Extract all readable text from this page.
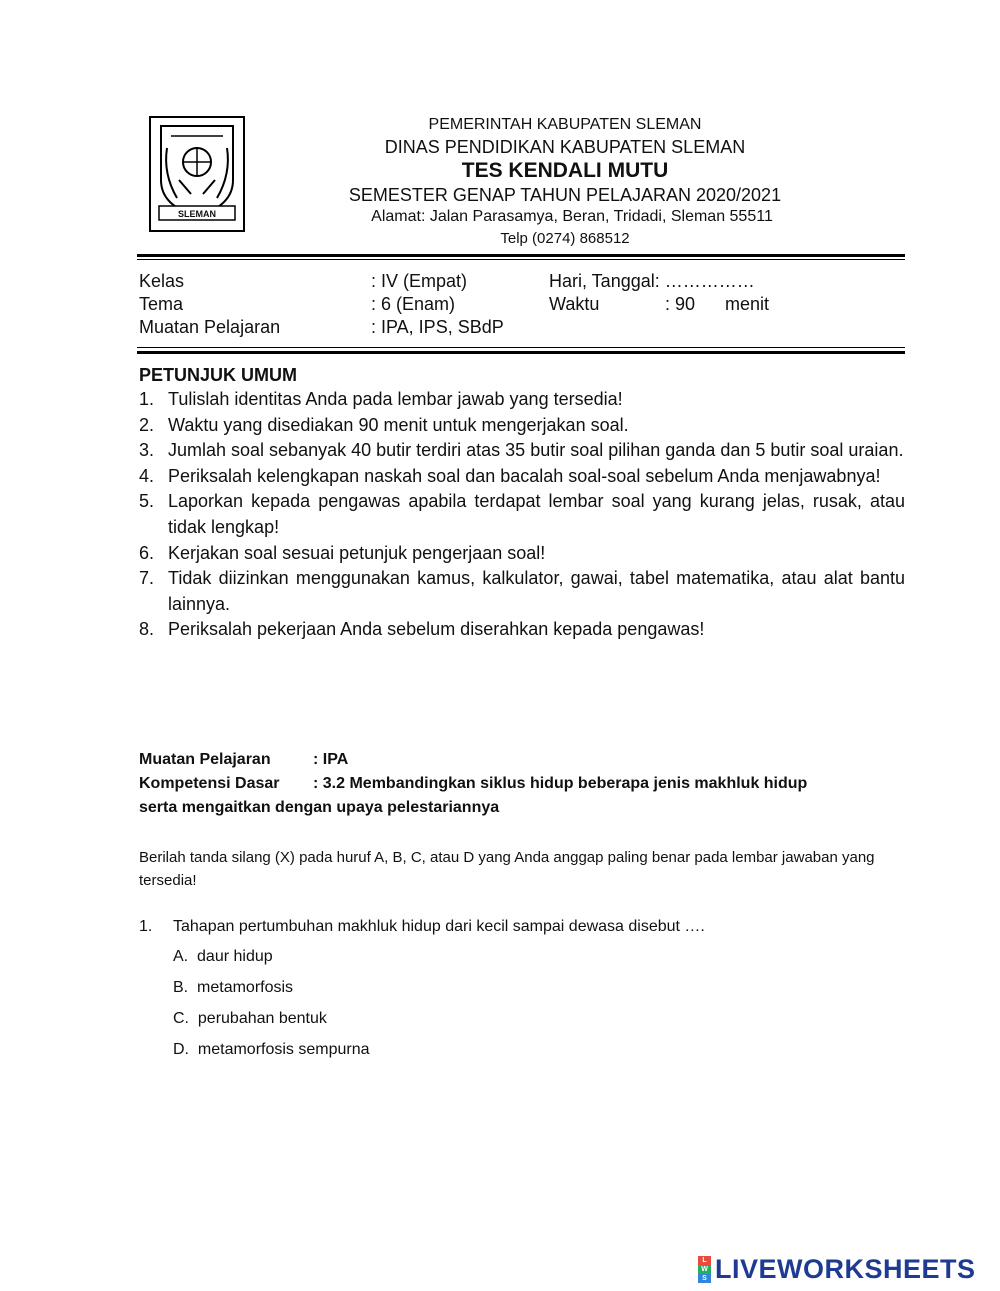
SLEMAN
PEMERINTAH KABUPATEN SLEMAN
DINAS PENDIDIKAN KABUPATEN SLEMAN
TES KENDALI MUTU
SEMESTER GENAP TAHUN PELAJARAN 2020/2021
Alamat: Jalan Parasamya, Beran, Tridadi, Sleman 55511
Telp (0274) 868512
Kelas	: IV (Empat)	Hari, Tanggal: ……………
Tema	: 6 (Enam)	Waktu	: 90 menit
Muatan Pelajaran	: IPA, IPS, SBdP
PETUNJUK UMUM
1. Tulislah identitas Anda pada lembar jawab yang tersedia!
2. Waktu yang disediakan 90 menit untuk mengerjakan soal.
3. Jumlah soal sebanyak 40 butir terdiri atas 35 butir soal pilihan ganda dan 5 butir soal uraian.
4. Periksalah kelengkapan naskah soal dan bacalah soal-soal sebelum Anda menjawabnya!
5. Laporkan kepada pengawas apabila terdapat lembar soal yang kurang jelas, rusak, atau tidak lengkap!
6. Kerjakan soal sesuai petunjuk pengerjaan soal!
7. Tidak diizinkan menggunakan kamus, kalkulator, gawai, tabel matematika, atau alat bantu lainnya.
8. Periksalah pekerjaan Anda sebelum diserahkan kepada pengawas!
Muatan Pelajaran	: IPA
Kompetensi Dasar : 3.2 Membandingkan siklus hidup beberapa jenis makhluk hidup
serta mengaitkan dengan upaya pelestariannya
Berilah tanda silang (X) pada huruf A, B, C, atau D yang Anda anggap paling benar pada lembar jawaban yang tersedia!
1. Tahapan pertumbuhan makhluk hidup dari kecil sampai dewasa disebut ….
A. daur hidup
B. metamorfosis
C. perubahan bentuk
D. metamorfosis sempurna
L
W
S LIVEWORKSHEETS
